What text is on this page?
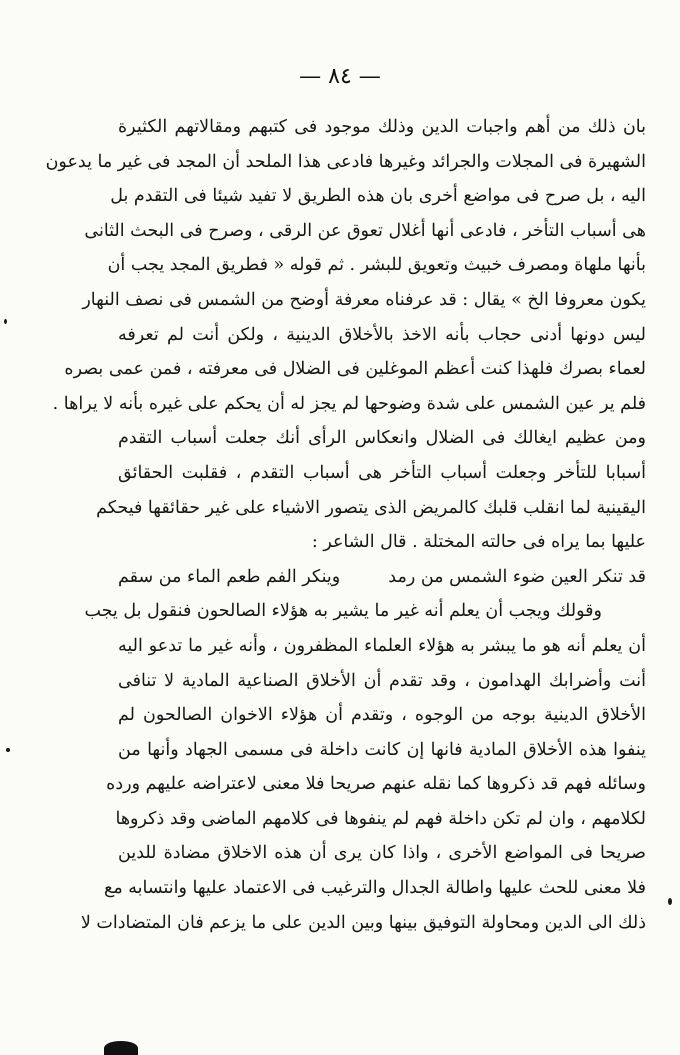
— ٨٤ —
بان ذلك من أهم واجبات الدين وذلك موجود فى كتبهم ومقالاتهم الكثيرة
الشهيرة فى المجلات والجرائد وغيرها فادعى هذا الملحد أن المجد فى غير ما يدعون
اليه ، بل صرح فى مواضع أخرى بان هذه الطريق لا تفيد شيئا فى التقدم بل
هى أسباب التأخر ، فادعى أنها أغلال تعوق عن الرقى ، وصرح فى البحث الثانى
بأنها ملهاة ومصرف خبيث وتعويق للبشر . ثم قوله « فطريق المجد يجب أن
يكون معروفا الخ » يقال : قد عرفناه معرفة أوضح من الشمس فى نصف النهار
ليس دونها أدنى حجاب بأنه الاخذ بالأخلاق الدينية ، ولكن أنت لم تعرفه
لعماء بصرك فلهذا كنت أعظم الموغلين فى الضلال فى معرفته ، فمن عمى بصره
فلم ير عين الشمس على شدة وضوحها لم يجز له أن يحكم على غيره بأنه لا يراها .
ومن عظيم ايغالك فى الضلال وانعكاس الرأى أنك جعلت أسباب التقدم
أسبابا للتأخر وجعلت أسباب التأخر هى أسباب التقدم ، فقلبت الحقائق
اليقينية لما انقلب قلبك كالمريض الذى يتصور الاشياء على غير حقائقها فيحكم
عليها بما يراه فى حالته المختلة . قال الشاعر :
قد تنكر العين ضوء الشمس من رمد
وينكر الفم طعم الماء من سقم
وقولك ويجب أن يعلم أنه غير ما يشير به هؤلاء الصالحون فنقول بل يجب
أن يعلم أنه هو ما يبشر به هؤلاء العلماء المظفرون ، وأنه غير ما تدعو اليه
أنت وأضرابك الهدامون ، وقد تقدم أن الأخلاق الصناعية المادية لا تنافى
الأخلاق الدينية بوجه من الوجوه ، وتقدم أن هؤلاء الاخوان الصالحون لم
ينفوا هذه الأخلاق المادية فانها إن كانت داخلة فى مسمى الجهاد وأنها من
وسائله فهم قد ذكروها كما نقله عنهم صريحا فلا معنى لاعتراضه عليهم ورده
لكلامهم ، وان لم تكن داخلة فهم لم ينفوها فى كلامهم الماضى وقد ذكروها
صريحا فى المواضع الأخرى ، واذا كان يرى أن هذه الاخلاق مضادة للدين
فلا معنى للحث عليها واطالة الجدال والترغيب فى الاعتماد عليها وانتسابه مع
ذلك الى الدين ومحاولة التوفيق بينها وبين الدين على ما يزعم فان المتضادات لا
